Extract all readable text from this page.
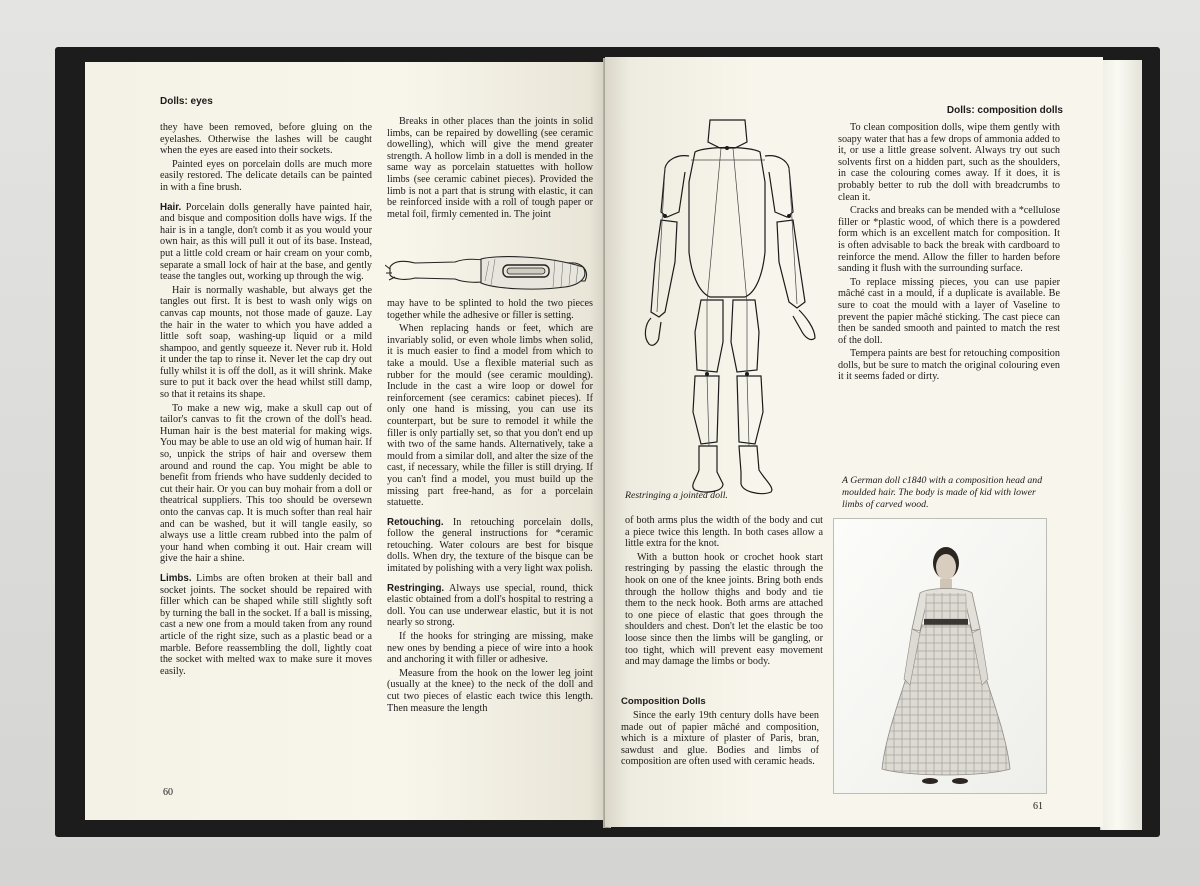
Dolls: eyes

they have been removed, before gluing on the eyelashes. Otherwise the lashes will be caught when the eyes are eased into their sockets.

Painted eyes on porcelain dolls are much more easily restored. The delicate details can be painted in with a fine brush.

Hair. Porcelain dolls generally have painted hair, and bisque and composition dolls have wigs. If the hair is in a tangle, don't comb it as you would your own hair, as this will pull it out of its base. Instead, put a little cold cream or hair cream on your comb, separate a small lock of hair at the base, and gently tease the tangles out, working up through the wig.

Hair is normally washable, but always get the tangles out first. It is best to wash only wigs on canvas cap mounts, not those made of gauze. Lay the hair in the water to which you have added a little soft soap, washing-up liquid or a mild shampoo, and gently squeeze it. Never rub it. Hold it under the tap to rinse it. Never let the cap dry out fully whilst it is off the doll, as it will shrink. Make sure to put it back over the head whilst still damp, so that it retains its shape.

To make a new wig, make a skull cap out of tailor's canvas to fit the crown of the doll's head. Human hair is the best material for making wigs. You may be able to use an old wig of human hair. If so, unpick the strips of hair and oversew them around and round the cap. You might be able to benefit from friends who have suddenly decided to cut their hair. Or you can buy mohair from a doll or theatrical suppliers. This too should be oversewn onto the canvas cap. It is much softer than real hair and can be washed, but it will tangle easily, so always use a little cream rubbed into the palm of your hand when combing it out. Hair cream will give the hair a shine.

Limbs. Limbs are often broken at their ball and socket joints. The socket should be repaired with filler which can be shaped while still slightly soft by turning the ball in the socket. If a ball is missing, cast a new one from a mould taken from any round article of the right size, such as a plastic bead or a marble. Before reassembling the doll, lightly coat the socket with melted wax to make sure it moves easily.

Breaks in other places than the joints in solid limbs, can be repaired by dowelling (see ceramic dowelling), which will give the mend greater strength. A hollow limb in a doll is mended in the same way as porcelain statuettes with hollow limbs (see ceramic cabinet pieces). Provided the limb is not a part that is strung with elastic, it can be reinforced inside with a roll of tough paper or metal foil, firmly cemented in. The joint

may have to be splinted to hold the two pieces together while the adhesive or filler is setting.

When replacing hands or feet, which are invariably solid, or even whole limbs when solid, it is much easier to find a model from which to take a mould. Use a flexible material such as rubber for the mould (see ceramic moulding). Include in the cast a wire loop or dowel for reinforcement (see ceramics: cabinet pieces). If only one hand is missing, you can use its counterpart, but be sure to remodel it while the filler is only partially set, so that you don't end up with two of the same hands. Alternatively, take a mould from a similar doll, and alter the size of the cast, if necessary, while the filler is still drying. If you can't find a model, you must build up the missing part free-hand, as for a porcelain statuette.

Retouching. In retouching porcelain dolls, follow the general instructions for *ceramic retouching. Water colours are best for bisque dolls. When dry, the texture of the bisque can be imitated by polishing with a very light wax polish.

Restringing. Always use special, round, thick elastic obtained from a doll's hospital to restring a doll. You can use underwear elastic, but it is not nearly so strong.

If the hooks for stringing are missing, make new ones by bending a piece of wire into a hook and anchoring it with filler or adhesive.

Measure from the hook on the lower leg joint (usually at the knee) to the neck of the doll and cut two pieces of elastic each twice this length. Then measure the length

60
Dolls: composition dolls
Restringing a jointed doll.

of both arms plus the width of the body and cut a piece twice this length. In both cases allow a little extra for the knot.

With a button hook or crochet hook start restringing by passing the elastic through the hook on one of the knee joints. Bring both ends through the hollow thighs and body and tie them to the neck hook. Both arms are attached to one piece of elastic that goes through the shoulders and chest. Don't let the elastic be too loose since then the limbs will be gangling, or too tight, which will prevent easy movement and may damage the limbs or body.

Composition Dolls

Since the early 19th century dolls have been made out of papier mâché and composition, which is a mixture of plaster of Paris, bran, sawdust and glue. Bodies and limbs of composition are often used with ceramic heads.

To clean composition dolls, wipe them gently with soapy water that has a few drops of ammonia added to it, or use a little grease solvent. Always try out such solvents first on a hidden part, such as the shoulders, in case the colouring comes away. If it does, it is probably better to rub the doll with breadcrumbs to clean it.

Cracks and breaks can be mended with a *cellulose filler or *plastic wood, of which there is a powdered form which is an excellent match for composition. It is often advisable to back the break with cardboard to reinforce the mend. Allow the filler to harden before sanding it flush with the surrounding surface.

To replace missing pieces, you can use papier mâché cast in a mould, if a duplicate is available. Be sure to coat the mould with a layer of Vaseline to prevent the papier mâché sticking. The cast piece can then be sanded smooth and painted to match the rest of the doll.

Tempera paints are best for retouching composition dolls, but be sure to match the original colouring even it it seems faded or dirty.

A German doll c1840 with a composition head and moulded hair. The body is made of kid with lower limbs of carved wood.
61
